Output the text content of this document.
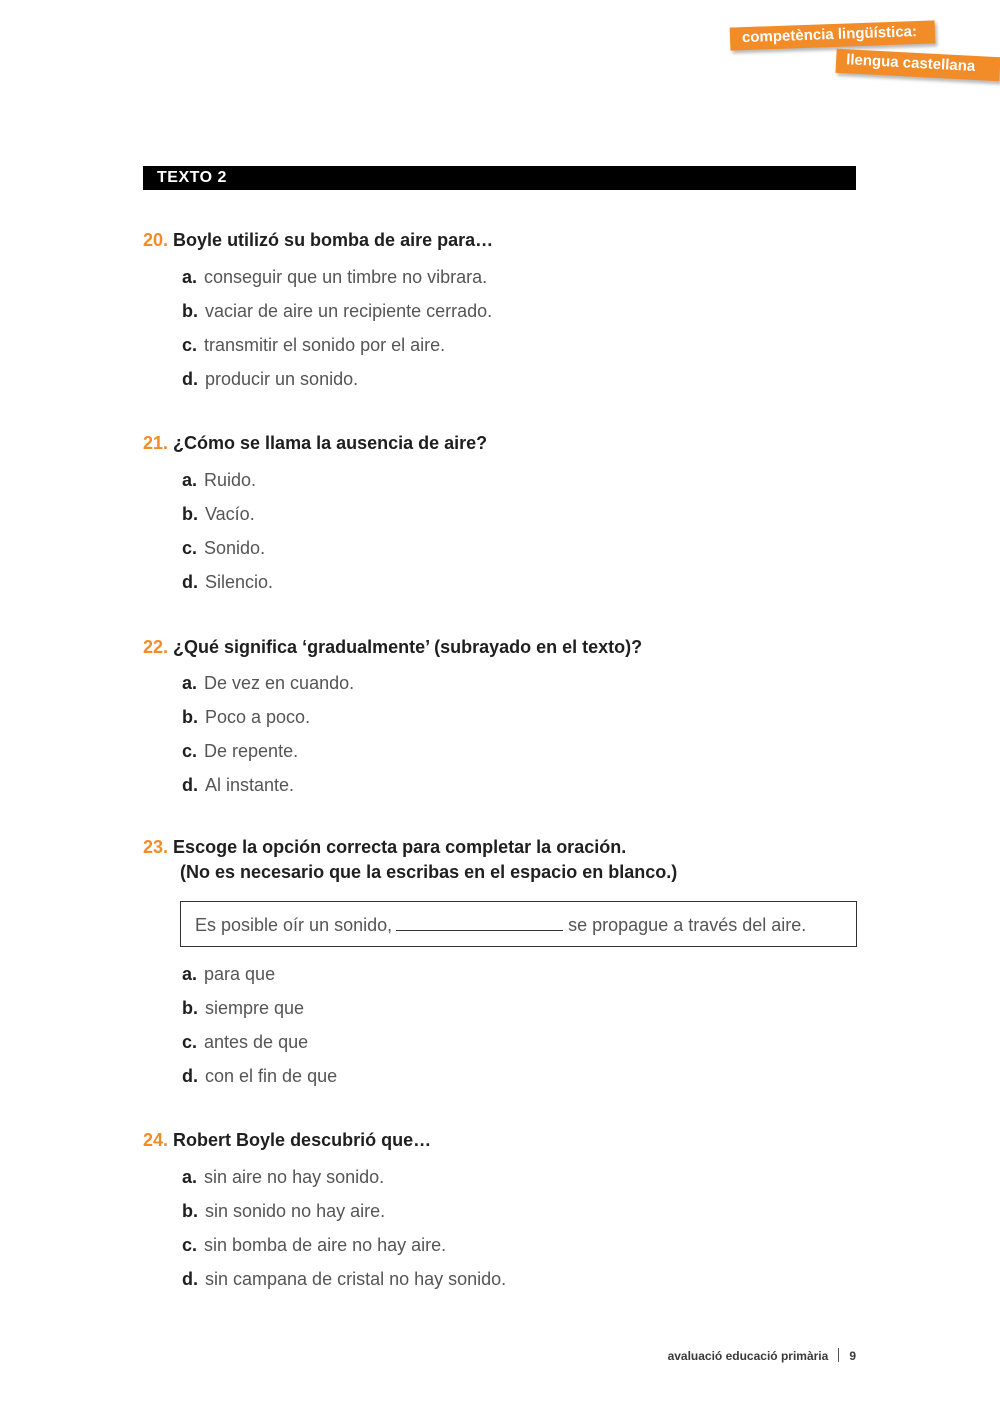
competència lingüística:
llengua castellana
TEXTO 2
20. Boyle utilizó su bomba de aire para…
a. conseguir que un timbre no vibrara.
b. vaciar de aire un recipiente cerrado.
c. transmitir el sonido por el aire.
d. producir un sonido.
21. ¿Cómo se llama la ausencia de aire?
a. Ruido.
b. Vacío.
c. Sonido.
d. Silencio.
22. ¿Qué significa ‘gradualmente’ (subrayado en el texto)?
a. De vez en cuando.
b. Poco a poco.
c. De repente.
d. Al instante.
23. Escoge la opción correcta para completar la oración.
(No es necesario que la escribas en el espacio en blanco.)
Es posible oír un sonido,	se propague a través del aire.
a. para que
b. siempre que
c. antes de que
d. con el fin de que
24. Robert Boyle descubrió que…
a. sin aire no hay sonido.
b. sin sonido no hay aire.
c. sin bomba de aire no hay aire.
d. sin campana de cristal no hay sonido.
avaluació educació primària 9
